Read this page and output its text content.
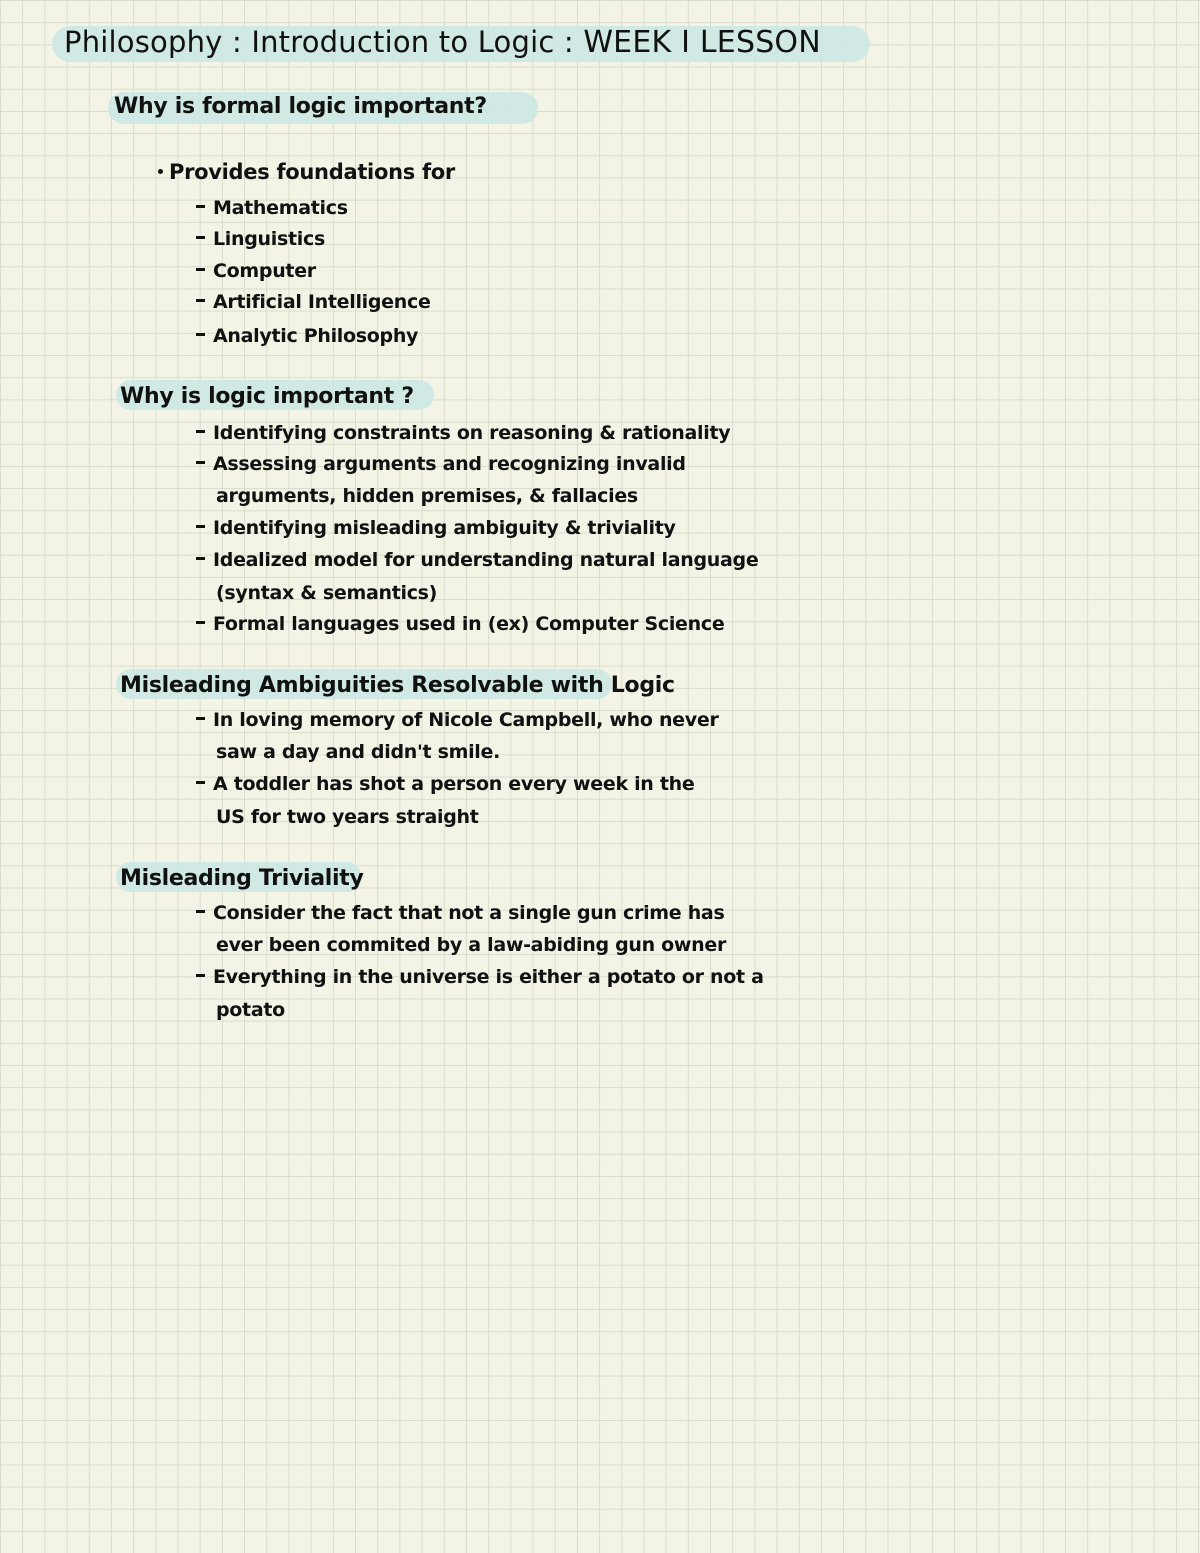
Philosophy : Introduction to Logic : WEEK I LESSON
Why is formal logic important?
Provides foundations for
Mathematics
Linguistics
Computer
Artificial Intelligence
Analytic Philosophy
Why is logic important ?
Identifying constraints on reasoning & rationality
Assessing arguments and recognizing invalid
arguments, hidden premises, & fallacies
Identifying misleading ambiguity & triviality
Idealized model for understanding natural language
(syntax & semantics)
Formal languages used in (ex) Computer Science
Misleading Ambiguities Resolvable with Logic
In loving memory of Nicole Campbell, who never
saw a day and didn't smile.
A toddler has shot a person every week in the
US for two years straight
Misleading Triviality
Consider the fact that not a single gun crime has
ever been commited by a law-abiding gun owner
Everything in the universe is either a potato or not a
potato
